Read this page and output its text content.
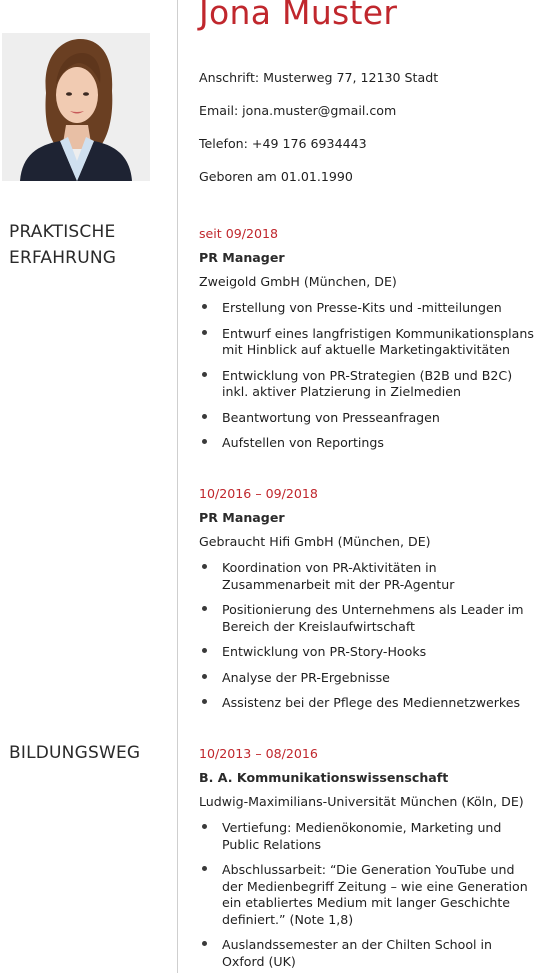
Jona Muster
Anschrift: Musterweg 77, 12130 Stadt
Email: jona.muster@gmail.com
Telefon: +49 176 6934443
Geboren am 01.01.1990
PRAKTISCHE
ERFAHRUNG
seit 09/2018
PR Manager
Zweigold GmbH (München, DE)
Erstellung von Presse-Kits und -mitteilungen
Entwurf eines langfristigen Kommunikationsplans
mit Hinblick auf aktuelle Marketingaktivitäten
Entwicklung von PR-Strategien (B2B und B2C)
inkl. aktiver Platzierung in Zielmedien
Beantwortung von Presseanfragen
Aufstellen von Reportings
10/2016 – 09/2018
PR Manager
Gebraucht Hifi GmbH (München, DE)
Koordination von PR-Aktivitäten in
Zusammenarbeit mit der PR-Agentur
Positionierung des Unternehmens als Leader im
Bereich der Kreislaufwirtschaft
Entwicklung von PR-Story-Hooks
Analyse der PR-Ergebnisse
Assistenz bei der Pflege des Mediennetzwerkes
BILDUNGSWEG	10/2013 – 08/2016
B. A. Kommunikationswissenschaft
Ludwig-Maximilians-Universität München (Köln, DE)
Vertiefung: Medienökonomie, Marketing und
Public Relations
Abschlussarbeit: “Die Generation YouTube und
der Medienbegriff Zeitung – wie eine Generation
ein etabliertes Medium mit langer Geschichte
definiert.” (Note 1,8)
Auslandssemester an der Chilten School in
Oxford (UK)
